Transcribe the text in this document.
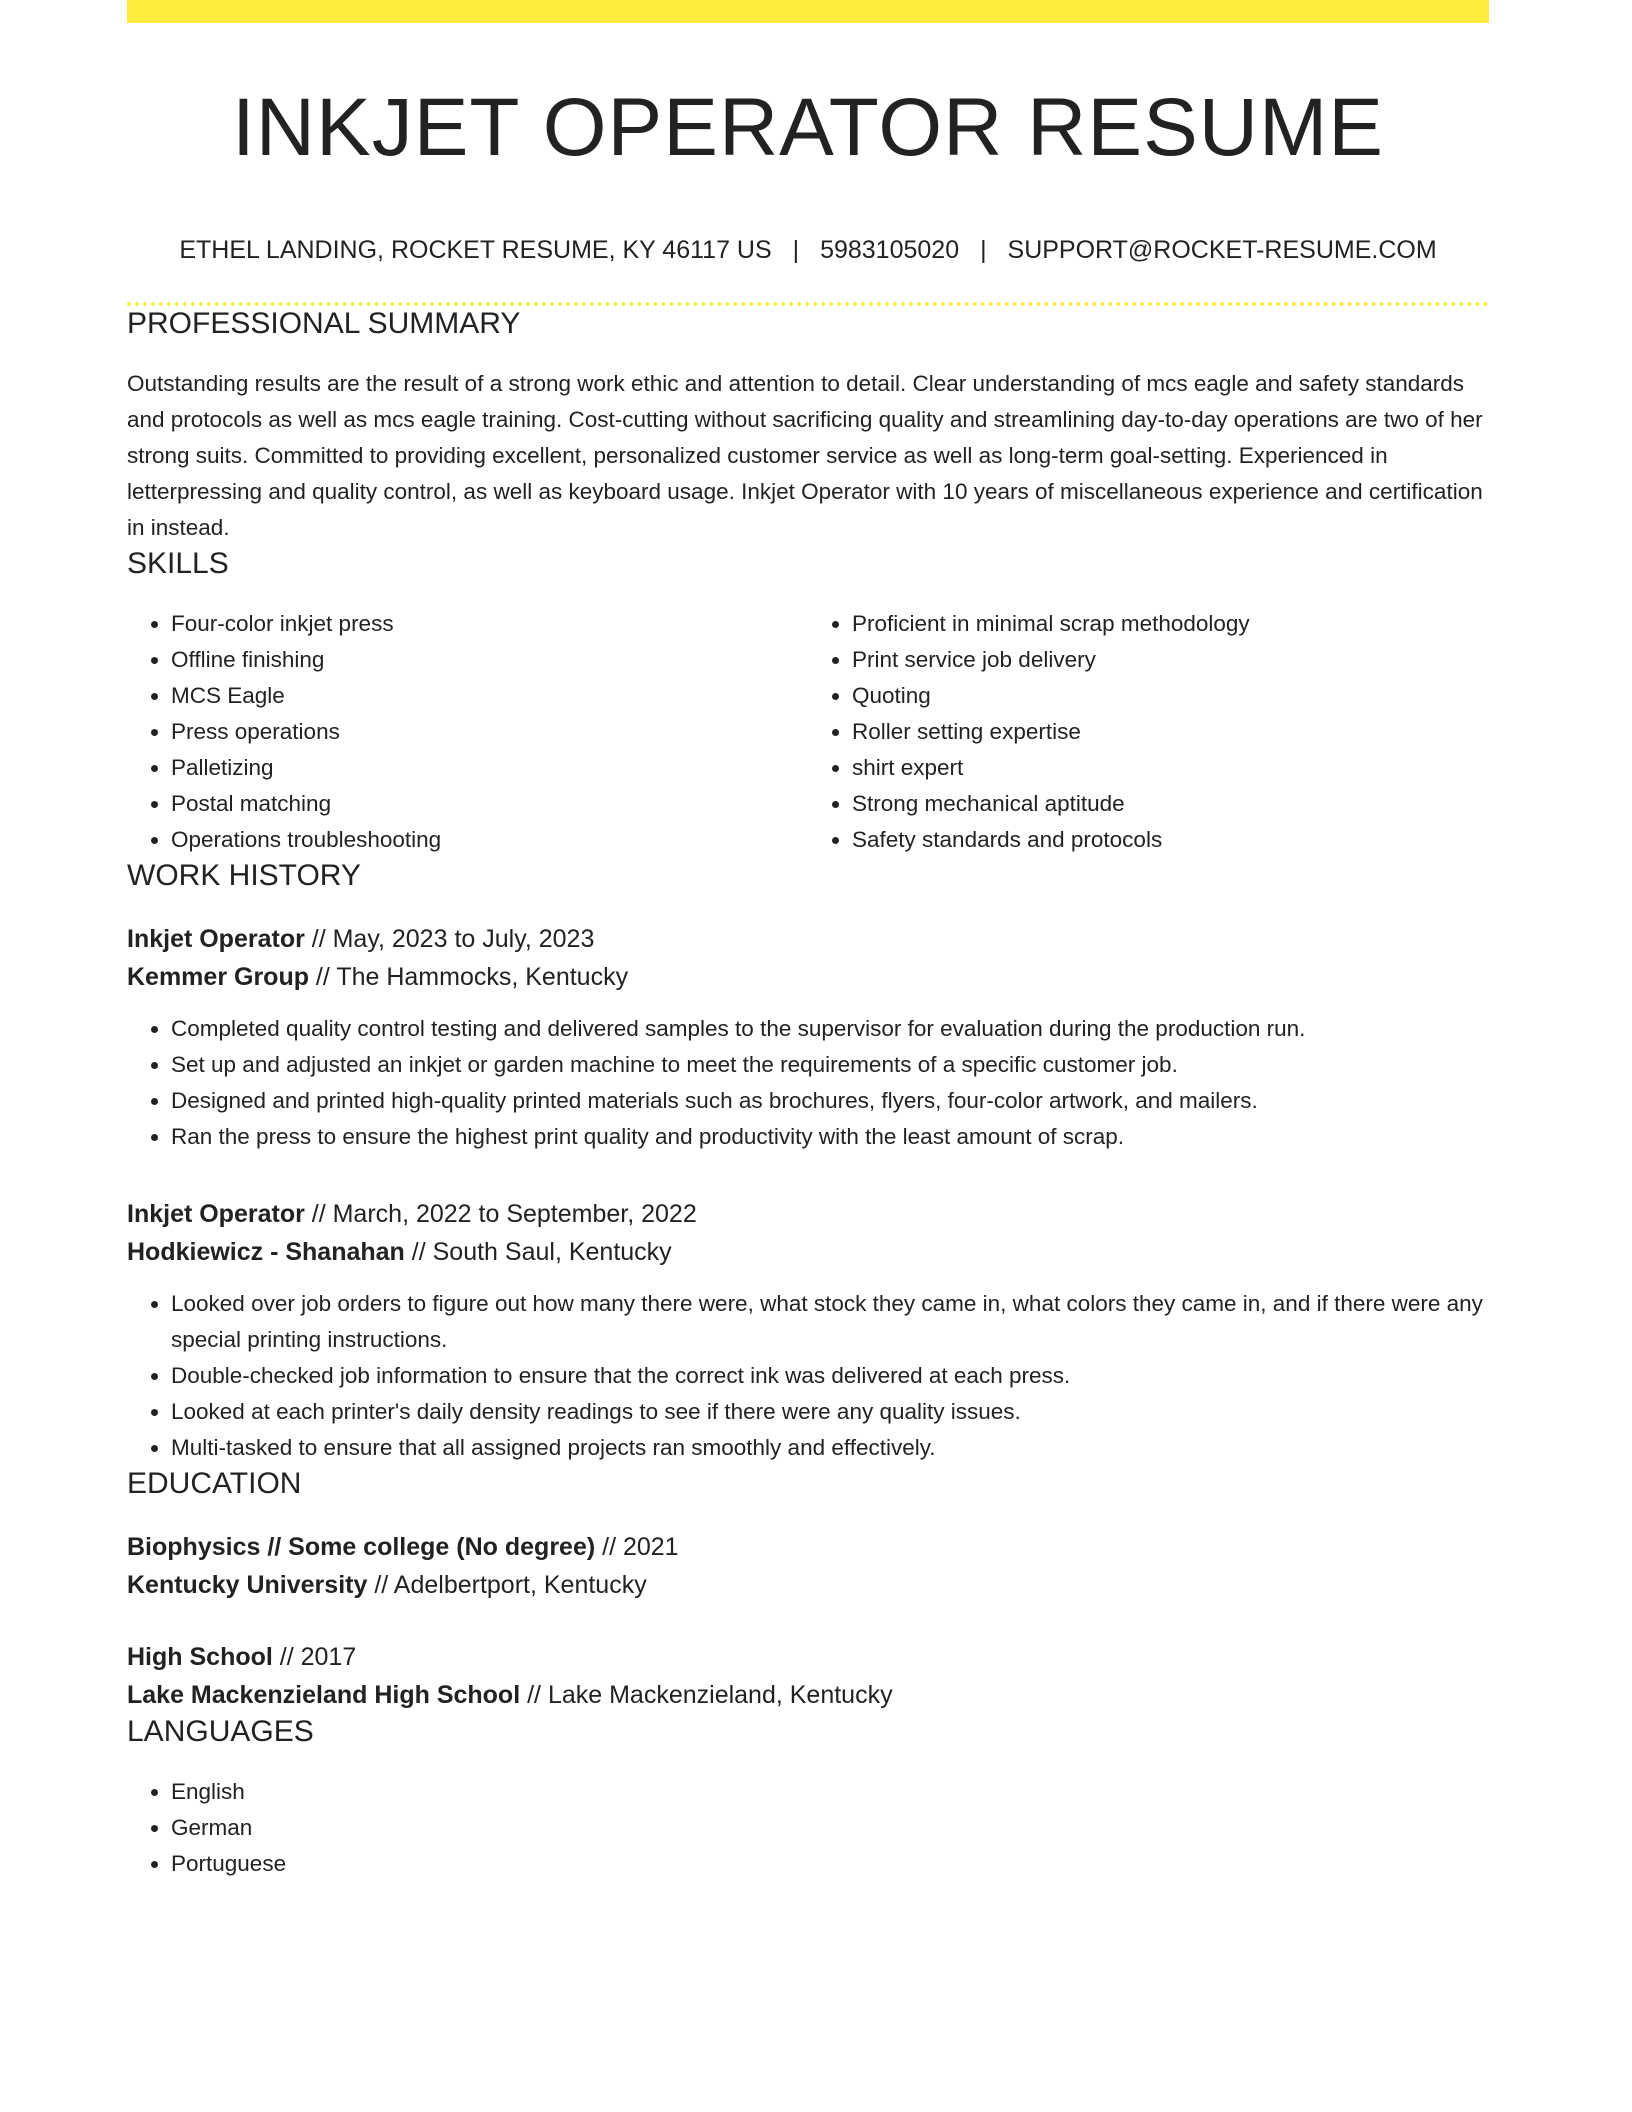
INKJET OPERATOR RESUME
ETHEL LANDING, ROCKET RESUME, KY 46117 US | 5983105020 | SUPPORT@ROCKET-RESUME.COM
PROFESSIONAL SUMMARY
Outstanding results are the result of a strong work ethic and attention to detail. Clear understanding of mcs eagle and safety standards and protocols as well as mcs eagle training. Cost-cutting without sacrificing quality and streamlining day-to-day operations are two of her strong suits. Committed to providing excellent, personalized customer service as well as long-term goal-setting. Experienced in letterpressing and quality control, as well as keyboard usage. Inkjet Operator with 10 years of miscellaneous experience and certification in instead.
SKILLS
• Four-color inkjet press
• Offline finishing
• MCS Eagle
• Press operations
• Palletizing
• Postal matching
• Operations troubleshooting
• Proficient in minimal scrap methodology
• Print service job delivery
• Quoting
• Roller setting expertise
• shirt expert
• Strong mechanical aptitude
• Safety standards and protocols
WORK HISTORY
Inkjet Operator // May, 2023 to July, 2023
Kemmer Group // The Hammocks, Kentucky
• Completed quality control testing and delivered samples to the supervisor for evaluation during the production run.
• Set up and adjusted an inkjet or garden machine to meet the requirements of a specific customer job.
• Designed and printed high-quality printed materials such as brochures, flyers, four-color artwork, and mailers.
• Ran the press to ensure the highest print quality and productivity with the least amount of scrap.
Inkjet Operator // March, 2022 to September, 2022
Hodkiewicz - Shanahan // South Saul, Kentucky
• Looked over job orders to figure out how many there were, what stock they came in, what colors they came in, and if there were any special printing instructions.
• Double-checked job information to ensure that the correct ink was delivered at each press.
• Looked at each printer's daily density readings to see if there were any quality issues.
• Multi-tasked to ensure that all assigned projects ran smoothly and effectively.
EDUCATION
Biophysics // Some college (No degree) // 2021
Kentucky University // Adelbertport, Kentucky
High School // 2017
Lake Mackenzieland High School // Lake Mackenzieland, Kentucky
LANGUAGES
• English
• German
• Portuguese
